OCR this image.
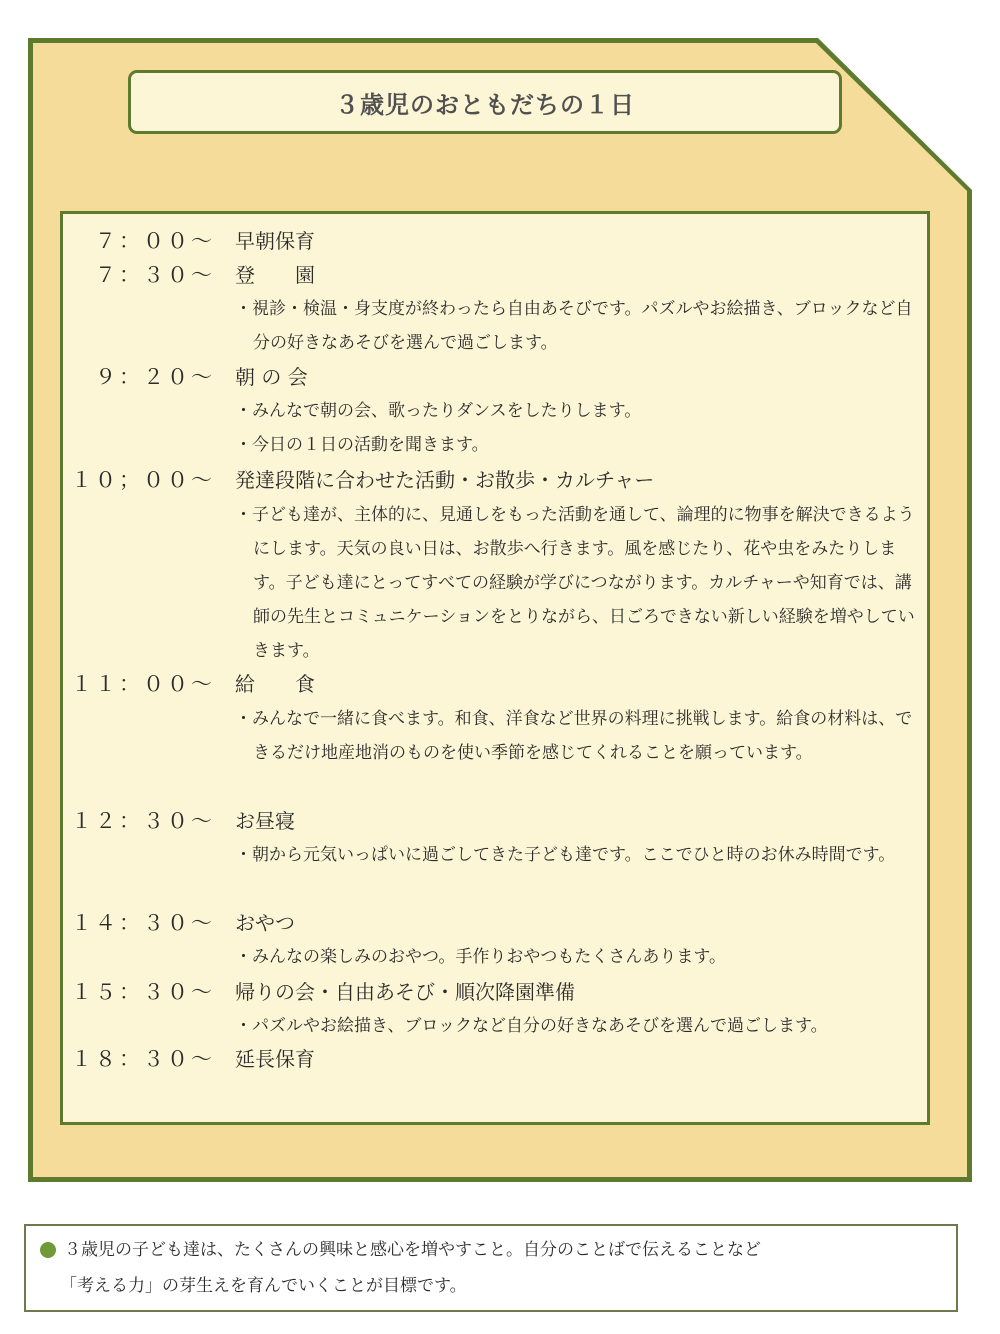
３歳児のおともだちの１日
７：００～ 早朝保育
７：３０～ 登　　園
・視診・検温・身支度が終わったら自由あそびです。パズルやお絵描き、ブロックなど自分の好きなあそびを選んで過ごします。
９：２０～ 朝 の 会
・みんなで朝の会、歌ったりダンスをしたりします。
・今日の１日の活動を聞きます。
１０；００～ 発達段階に合わせた活動・お散歩・カルチャー
・子ども達が、主体的に、見通しをもった活動を通して、論理的に物事を解決できるようにします。天気の良い日は、お散歩へ行きます。風を感じたり、花や虫をみたりします。子ども達にとってすべての経験が学びにつながります。カルチャーや知育では、講師の先生とコミュニケーションをとりながら、日ごろできない新しい経験を増やしていきます。
１１：００～ 給　　食
・みんなで一緒に食べます。和食、洋食など世界の料理に挑戦します。給食の材料は、できるだけ地産地消のものを使い季節を感じてくれることを願っています。
１２：３０～ お昼寝
・朝から元気いっぱいに過ごしてきた子ども達です。ここでひと時のお休み時間です。
１４：３０～ おやつ
・みんなの楽しみのおやつ。手作りおやつもたくさんあります。
１５：３０～ 帰りの会・自由あそび・順次降園準備
・パズルやお絵描き、ブロックなど自分の好きなあそびを選んで過ごします。
１８：３０～ 延長保育
３歳児の子ども達は、たくさんの興味と感心を増やすこと。自分のことばで伝えることなど
「考える力」の芽生えを育んでいくことが目標です。
